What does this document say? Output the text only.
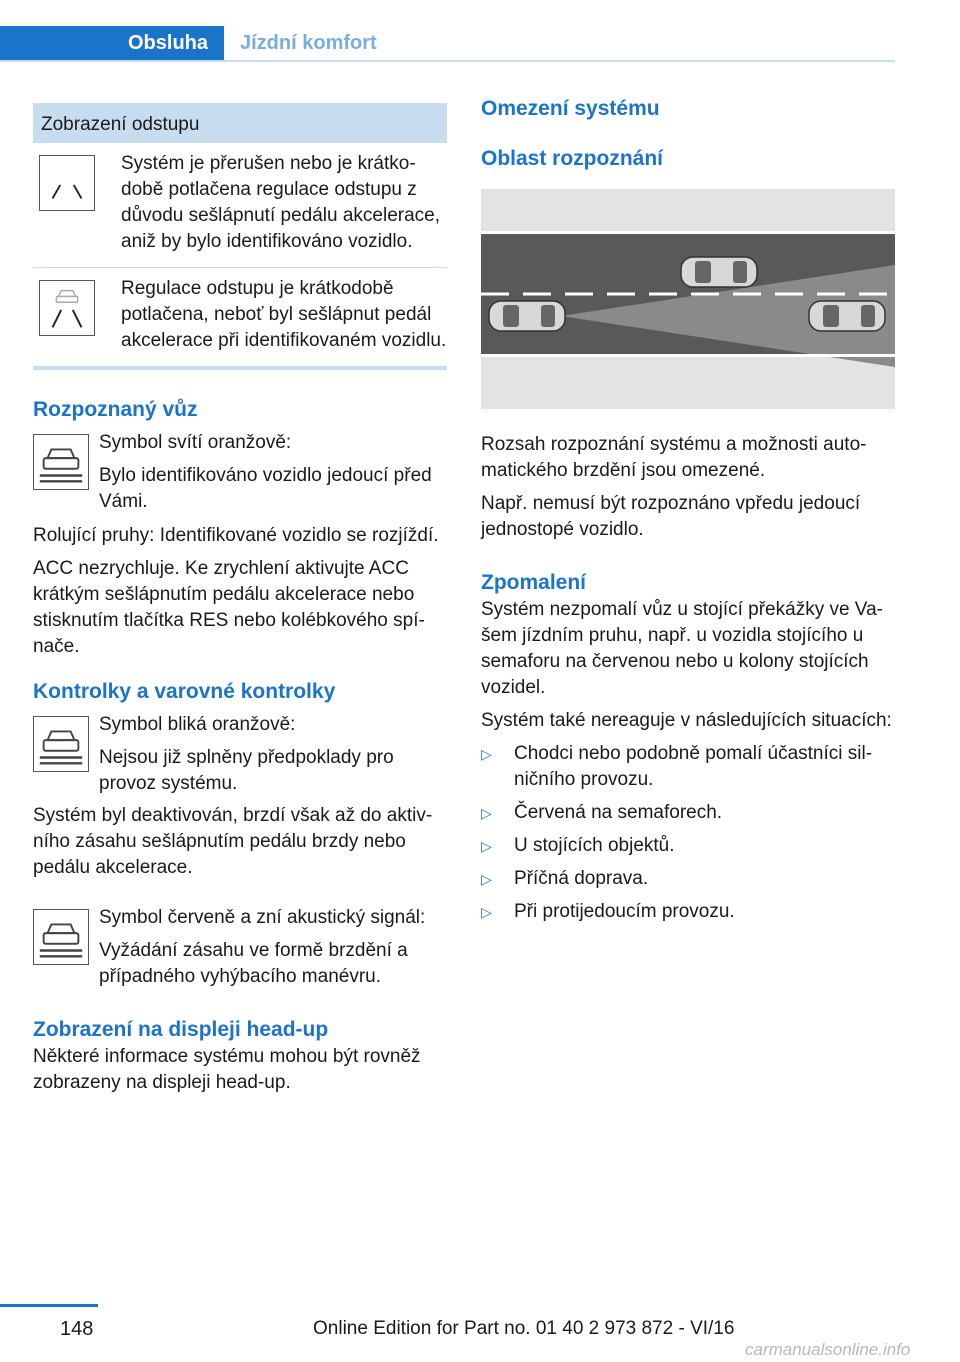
Obsluha	Jízdní komfort
Zobrazení odstupu
Systém je přerušen nebo je krátkodobě potlačena regulace odstupu z důvodu sešlápnutí pedálu akcelerace, aniž by bylo identifikováno vozidlo.
Regulace odstupu je krátkodobě potlačena, neboť byl sešlápnut pedál akcelerace při identifikovaném vozidlu.
Rozpoznaný vůz

Symbol svítí oranžově:

Bylo identifikováno vozidlo jedoucí před Vámi.

Rolující pruhy: Identifikované vozidlo se rozjíždí.

ACC nezrychluje. Ke zrychlení aktivujte ACC krátkým sešlápnutím pedálu akcelerace nebo stisknutím tlačítka RES nebo kolébkového spínače.

Kontrolky a varovné kontrolky

Symbol bliká oranžově:

Nejsou již splněny předpoklady pro provoz systému.

Systém byl deaktivován, brzdí však až do aktivního zásahu sešlápnutím pedálu brzdy nebo pedálu akcelerace.

Symbol červeně a zní akustický signál:

Vyžádání zásahu ve formě brzdění a případného vyhýbacího manévru.

Zobrazení na displeji head-up

Některé informace systému mohou být rovněž zobrazeny na displeji head-up.

Omezení systému
Oblast rozpoznání

Rozsah rozpoznání systému a možnosti automatického brzdění jsou omezené.

Např. nemusí být rozpoznáno vpředu jedoucí jednostopé vozidlo.

Zpomalení

Systém nezpomalí vůz u stojící překážky ve Vašem jízdním pruhu, např. u vozidla stojícího u semaforu na červenou nebo u kolony stojících vozidel.

Systém také nereaguje v následujících situacích:

▷ Chodci nebo podobně pomalí účastníci silničního provozu.
▷ Červená na semaforech.
▷ U stojících objektů.
▷ Příčná doprava.
▷ Při protijedoucím provozu.
148	Online Edition for Part no. 01 40 2 973 872 - VI/16
carmanualsonline.info
